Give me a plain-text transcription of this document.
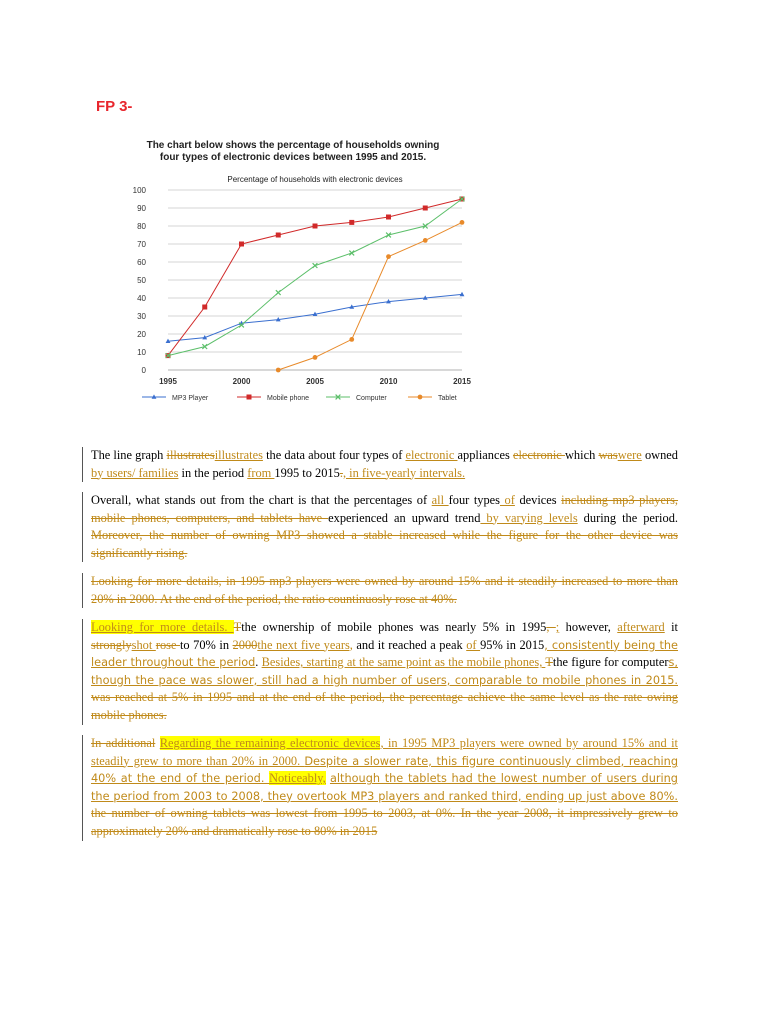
FP 3-
The chart below shows the percentage of households owning
four types of electronic devices between 1995 and 2015.
Percentage of households with electronic devices
0
10
20
30
40
50
60
70
80
90
100
1995	2000	2005	2010	2015
MP3 Player	Mobile phone	Computer	Tablet
The line graph illustratesillustrates the data about four types of electronic appliances electronic which waswere owned by users/ families in the period from 1995 to 2015., in five-yearly intervals.
Overall, what stands out from the chart is that the percentages of all four types of devices including mp3 players, mobile phones, computers, and tablets have experienced an upward trend by varying levels during the period. Moreover, the number of owning MP3 showed a stable increased while the figure for the other device was significantly rising.
Looking for more details, in 1995 mp3 players were owned by around 15% and it steadily increased to more than 20% in 2000. At the end of the period, the ratio countinuosly rose at 40%.
Looking for more details. Tthe ownership of mobile phones was nearly 5% in 1995, ; however, afterward it stronglyshot rose to 70% in 2000the next five years, and it reached a peak of 95% in 2015, consistently being the leader throughout the period. Besides, starting at the same point as the mobile phones, Tthe figure for computers, though the pace was slower, still had a high number of users, comparable to mobile phones in 2015. was reached at 5% in 1995 and at the end of the period, the percentage achieve the same level as the rate owing mobile phones.
In additional Regarding the remaining electronic devices, in 1995 MP3 players were owned by around 15% and it steadily grew to more than 20% in 2000. Despite a slower rate, this figure continuously climbed, reaching 40% at the end of the period. Noticeably, although the tablets had the lowest number of users during the period from 2003 to 2008, they overtook MP3 players and ranked third, ending up just above 80%. the number of owning tablets was lowest from 1995 to 2003, at 0%. In the year 2008, it impressively grew to approximately 20% and dramatically rose to 80% in 2015
